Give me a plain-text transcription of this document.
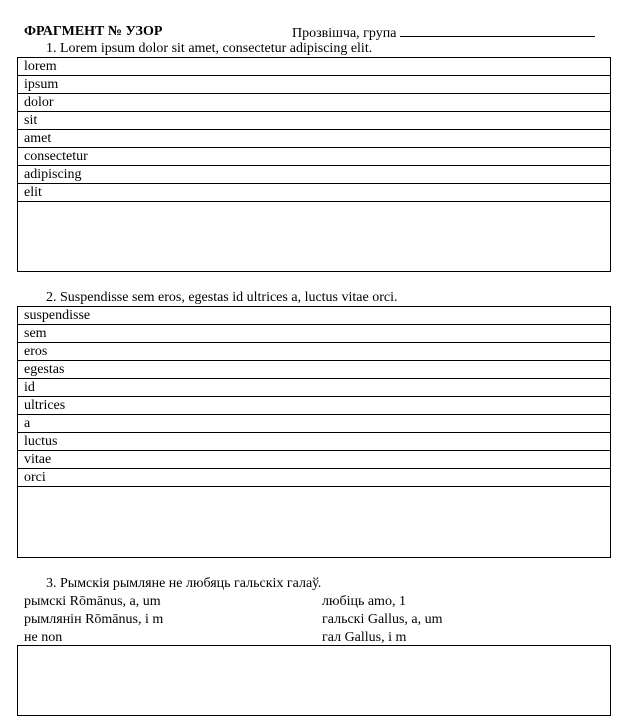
ФРАГМЕНТ № УЗОР	Прозвішча, група
1. Lorem ipsum dolor sit amet, consectetur adipiscing elit.
lorem
ipsum
dolor
sit
amet
consectetur
adipiscing
elit
2. Suspendisse sem eros, egestas id ultrices a, luctus vitae orci.
suspendisse
sem
eros
egestas
id
ultrices
a
luctus
vitae
orci
3. Рымскія рымляне не любяць гальскіх галаў.
рымскі Rōmānus, a, um
рымлянін Rōmānus, i m
не non
любіць amo, 1
гальскі Gallus, a, um
гал Gallus, i m
